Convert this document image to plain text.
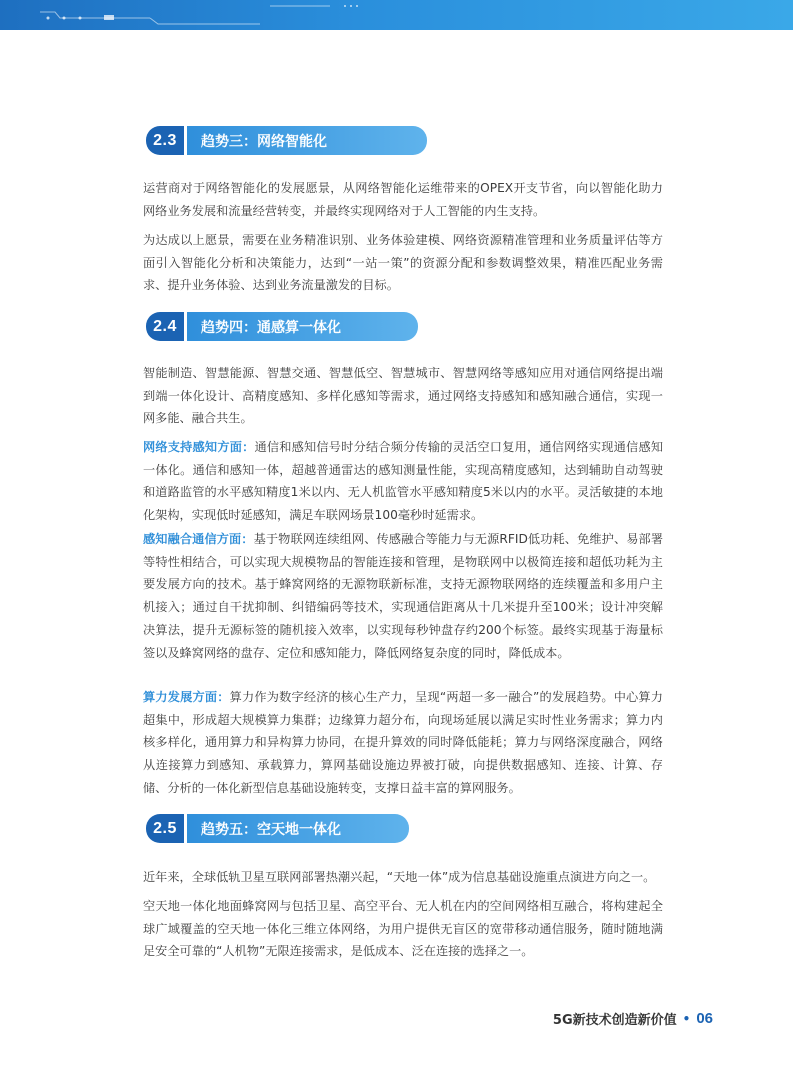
2.3	趋势三：网络智能化

运营商对于网络智能化的发展愿景，从网络智能化运维带来的OPEX开支节省，向以智能化助力网络业务发展和流量经营转变，并最终实现网络对于人工智能的内生支持。

为达成以上愿景，需要在业务精准识别、业务体验建模、网络资源精准管理和业务质量评估等方面引入智能化分析和决策能力，达到“一站一策”的资源分配和参数调整效果，精准匹配业务需求、提升业务体验、达到业务流量激发的目标。

2.4	趋势四：通感算一体化

智能制造、智慧能源、智慧交通、智慧低空、智慧城市、智慧网络等感知应用对通信网络提出端到端一体化设计、高精度感知、多样化感知等需求，通过网络支持感知和感知融合通信，实现一网多能、融合共生。

网络支持感知方面：通信和感知信号时分结合频分传输的灵活空口复用，通信网络实现通信感知一体化。通信和感知一体，超越普通雷达的感知测量性能，实现高精度感知，达到辅助自动驾驶和道路监管的水平感知精度1米以内、无人机监管水平感知精度5米以内的水平。灵活敏捷的本地化架构，实现低时延感知，满足车联网场景100毫秒时延需求。

感知融合通信方面：基于物联网连续组网、传感融合等能力与无源RFID低功耗、免维护、易部署等特性相结合，可以实现大规模物品的智能连接和管理，是物联网中以极简连接和超低功耗为主要发展方向的技术。基于蜂窝网络的无源物联新标准，支持无源物联网络的连续覆盖和多用户主机接入；通过自干扰抑制、纠错编码等技术，实现通信距离从十几米提升至100米；设计冲突解决算法，提升无源标签的随机接入效率，以实现每秒钟盘存约200个标签。最终实现基于海量标签以及蜂窝网络的盘存、定位和感知能力，降低网络复杂度的同时，降低成本。

算力发展方面：算力作为数字经济的核心生产力，呈现“两超一多一融合”的发展趋势。中心算力超集中，形成超大规模算力集群；边缘算力超分布，向现场延展以满足实时性业务需求；算力内核多样化，通用算力和异构算力协同，在提升算效的同时降低能耗；算力与网络深度融合，网络从连接算力到感知、承载算力，算网基础设施边界被打破，向提供数据感知、连接、计算、存储、分析的一体化新型信息基础设施转变，支撑日益丰富的算网服务。

2.5	趋势五：空天地一体化

近年来，全球低轨卫星互联网部署热潮兴起，“天地一体”成为信息基础设施重点演进方向之一。

空天地一体化地面蜂窝网与包括卫星、高空平台、无人机在内的空间网络相互融合，将构建起全球广域覆盖的空天地一体化三维立体网络，为用户提供无盲区的宽带移动通信服务，随时随地满足安全可靠的“人机物”无限连接需求，是低成本、泛在连接的选择之一。

5G新技术创造新价值 • 06
